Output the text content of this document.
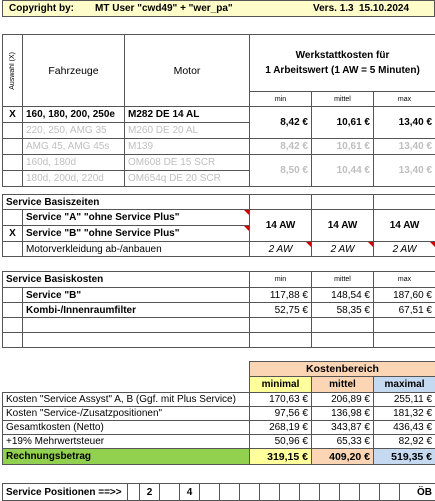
Copyright by: MT User "cwd49" + "wer_pa"	Vers. 1.3 15.10.2024
Auswahl (X)	Fahrzeuge	Motor	Werkstattkosten für
1 Arbeitswert (1 AW = 5 Minuten)		
			min	mittel	max
X	160, 180, 200, 250e	M282 DE 14 AL	8,42 €	10,61 €	13,40 €
	220, 250, AMG 35	M260 DE 20 AL			
	AMG 45, AMG 45s	M139	8,42 €	10,61 €	13,40 €
	160d, 180d	OM608 DE 15 SCR	8,50 €	10,44 €	13,40 €
	180d, 200d, 220d	OM654q DE 20 SCR			
Service Basiszeiten				
	Service "A" "ohne Service Plus"	14 AW	14 AW	14 AW
X	Service "B" "ohne Service Plus"			
	Motorverkleidung ab-/anbauen	2 AW	2 AW	2 AW
Service Basiskosten		min	mittel	max
	Service "B"	117,88 €	148,54 €	187,60 €
	Kombi-/Innenraumfilter	52,75 €	58,35 €	67,51 €

	Kostenbereich		
	minimal	mittel	maximal
Kosten "Service Assyst" A, B (Ggf. mit Plus Service)	170,63 €	206,89 €	255,11 €
Kosten "Service-/Zusatzpositionen"	97,56 €	136,98 €	181,32 €
Gesamtkosten (Netto)	268,19 €	343,87 €	436,43 €
+19% Mehrwertsteuer	50,96 €	65,33 €	82,92 €
Rechnungsbetrag	319,15 €	409,20 €	519,35 €
Service Positionen ==>>		2		4											ÖB
